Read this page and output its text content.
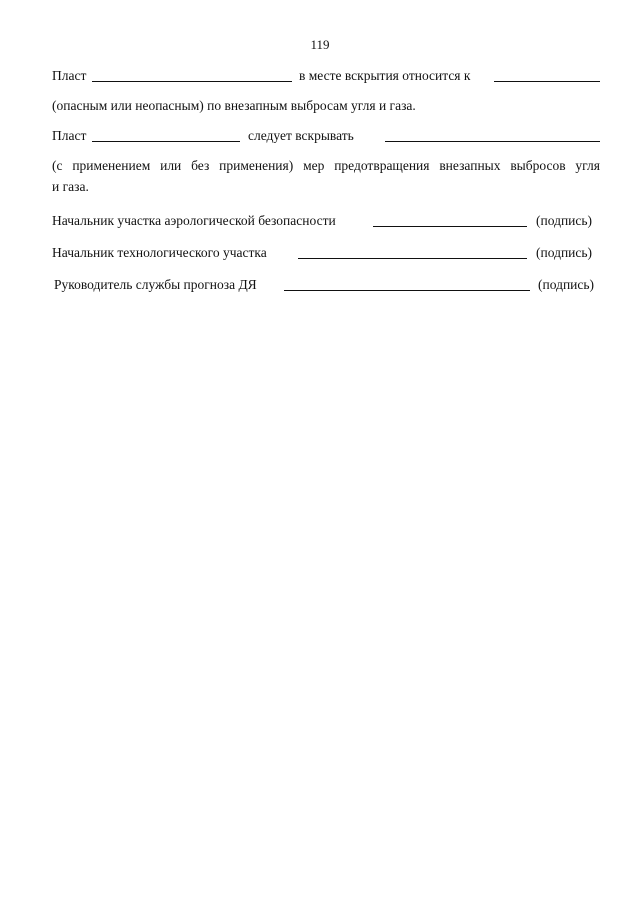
119
Пласт	в месте вскрытия относится к
(опасным или неопасным) по внезапным выбросам угля и газа.
Пласт	следует вскрывать
(с применением или без применения) мер предотвращения внезапных выбросов угля
и газа.
Начальник участка аэрологической безопасности	(подпись)
Начальник технологического участка	(подпись)
Руководитель службы прогноза ДЯ	(подпись)
